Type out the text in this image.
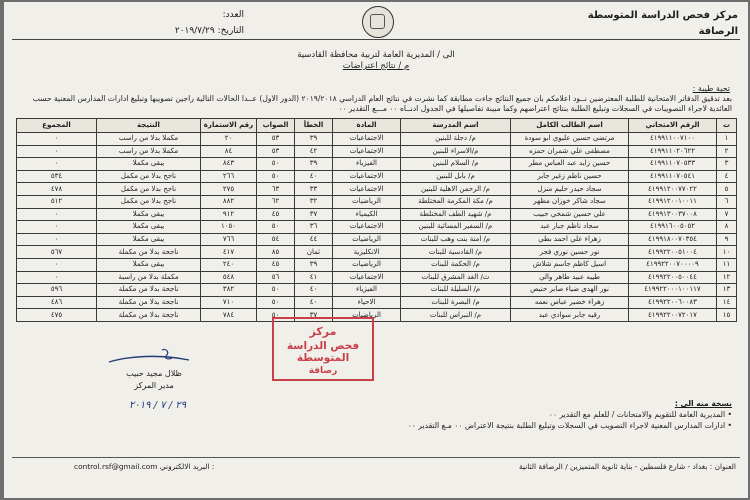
مركز فحص الدراسة المتوسطة
الرصافة
العدد:
التاريخ: ٢٠١٩/٧/٢٩
الى / المديرية العامة لتربية محافظة القادسية
م / نتائج اعتراضات
تحية طيبة :
بعد تدقيق الدفاتر الامتحانية للطلبة المعترضين نــود اعلامكم بان جميع النتائج جاءت مطابقة كما نشرت في نتائج العام الدراسي ٢٠١٩/٢٠١٨ (الدور الاول) عــدا الحالات التالية راجين تصويبها وتبليغ ادارات المدارس المعنية حسب العائدية لاجراء التصويبات في السجلات وتبليغ الطلبة بنتائج اعتراضهم وكما مبينة تفاصيلها في الجدول ادنــاه ٠٠ مـــع التقدير ٠٠
ت	الرقم الامتحاني	اسم الطالب الكامل	اسم المدرسة	المادة	الخطأ	الصواب	رقم الاستمارة	النتيجة	المجموع
١	٤١٩٩١١٠٠٧١٠٠	مرتضى حسين عليوي ابو سودة	م/ دجلة للبنين	الاجتماعيات	٣٩	٥٣	٢٠	مكملا بدلا من راسب	٠
٢	٤١٩٩١١٠٢٠٦٢٢	مصطفى علي شمران حمزه	م/الاسراء للبنين	الاجتماعيات	٤٢	٥٣	٨٤	مكملا بدلا من راسب	٠
٣	٤١٩٩١١٠٧٠٥٣٣	حسين زايد عبد العباس مطر	م/ السلام للبنين	الفيزياء	٣٩	٥٠	٨٤٣	يبقى مكملا	٠
٤	٤١٩٩١١٠٧٠٥٤١	حسين ناظم زغير جابر	م/ بابل للبنين	الاجتماعيات	٤٠	٥٠	٢٦٦	ناجح بدلا من مكمل	٥٣٤
٥	٤١٩٩١٢٠٠٧٧٠٢٢	سجاد حيدر حليم منزل	م/ الرحمن الاهلية للبنين	الاجتماعيات	٣٣	٦٣	٢٧٥	ناجح بدلا من مكمل	٤٧٨
٦	٤١٩٩١٢٠٠١٠٠١١	سجاد شاكر خوزان مظهر	م/ مكة المكرمة المختلطة	الرياضيات	٣٢	٦٢	٨٨٢	ناجح بدلا من مكمل	٥١٢
٧	٤١٩٩١٣٠٠٣٧٠٠٨	علي حسين شمخي حبيب	م/ شهيد الطف المختلطة	الكيمياء	٣٧	٤٥	٩١٢	يبقى مكملا	٠
٨	٤١٩٩١٦٠٠٥٠٥٢	سجاد ناظم جبار عبد	م/ السفير المسائية للبنين	الاجتماعيات	٣٦	٥٠	١٠٥٠	يبقى مكملا	٠
٩	٤١٩٩١٨٠٠٧٠٣٥٤	زهراء علي احمد بطي	م/ امنة بنت وهب للبنات	الرياضيات	٤٤	٥٤	٧٦٦	يبقى مكملا	٠
١٠	٤١٩٩٢٢٠٠٥١٠٠٤	نور حسين نوري فجر	م/ القادسية للبنات	الانكليزية	ثمان	٨٥	٤١٧	ناجحة بدلا من مكملة	٥٦٧
١١	٤١٩٩٢٢٠٠٧٠٠٠٠٩	اسيل كاظم جاسم شلاش	م/ الحكمة للبنات	الرياضيات	٣٩	٤٥	٢٤٠	يبقى مكملا	٠
١٢	٤١٩٩٢٢٠٠٥٠٠٤٤	طيبه عبيد طاهر والي	ث/ الغد المشرق للبنات	الاجتماعيات	٤١	٥٦	٥٤٨	مكملة بدلا من راسبة	٠
١٣	٤١٩٩٢٢٠٠٠١٠٠١١٧	نور الهدى ضياء صابر حنيص	م/ السليلة للبنات	الفيزياء	٤٠	٥٠	٣٨٢	ناجحة بدلا من مكملة	٥٩٦
١٤	٤١٩٩٢٢٠٠٦٠٠٨٣	زهراء خضير عباس نعمه	م/ البصرة للبنات	الاحياء	٤٠	٥٠	٧١٠	ناجحة بدلا من مكملة	٤٨٦
١٥	٤١٩٩٢٢٠٠٧٢٠١٧	رقيه جابر سوادي عبد	م/ النبراس للبنات	الرياضيات	٣٧	٥٠	٧٨٤	ناجحة بدلا من مكملة	٤٧٥
ظلال مجيد حبيب
مدير المركز
٢٩ / ٧ / ٢٠١٩
مركز
فحص الدراسة المتوسطة
رصافة
نسخة منه الى :
• المديرية العامة للتقويم والامتحانات / للعلم مع التقدير ٠٠
• ادارات المدارس المعنية لاجراء التصويب في السجلات وتبليغ الطلبة بنتيجة الاعتراض ٠٠ مـع التقدير ٠٠
العنوان : بغداد - شارع فلسطين - بناية ثانوية المتميزين / الرصافة الثانية
control.rsf@gmail.com البريد الالكتروني :
